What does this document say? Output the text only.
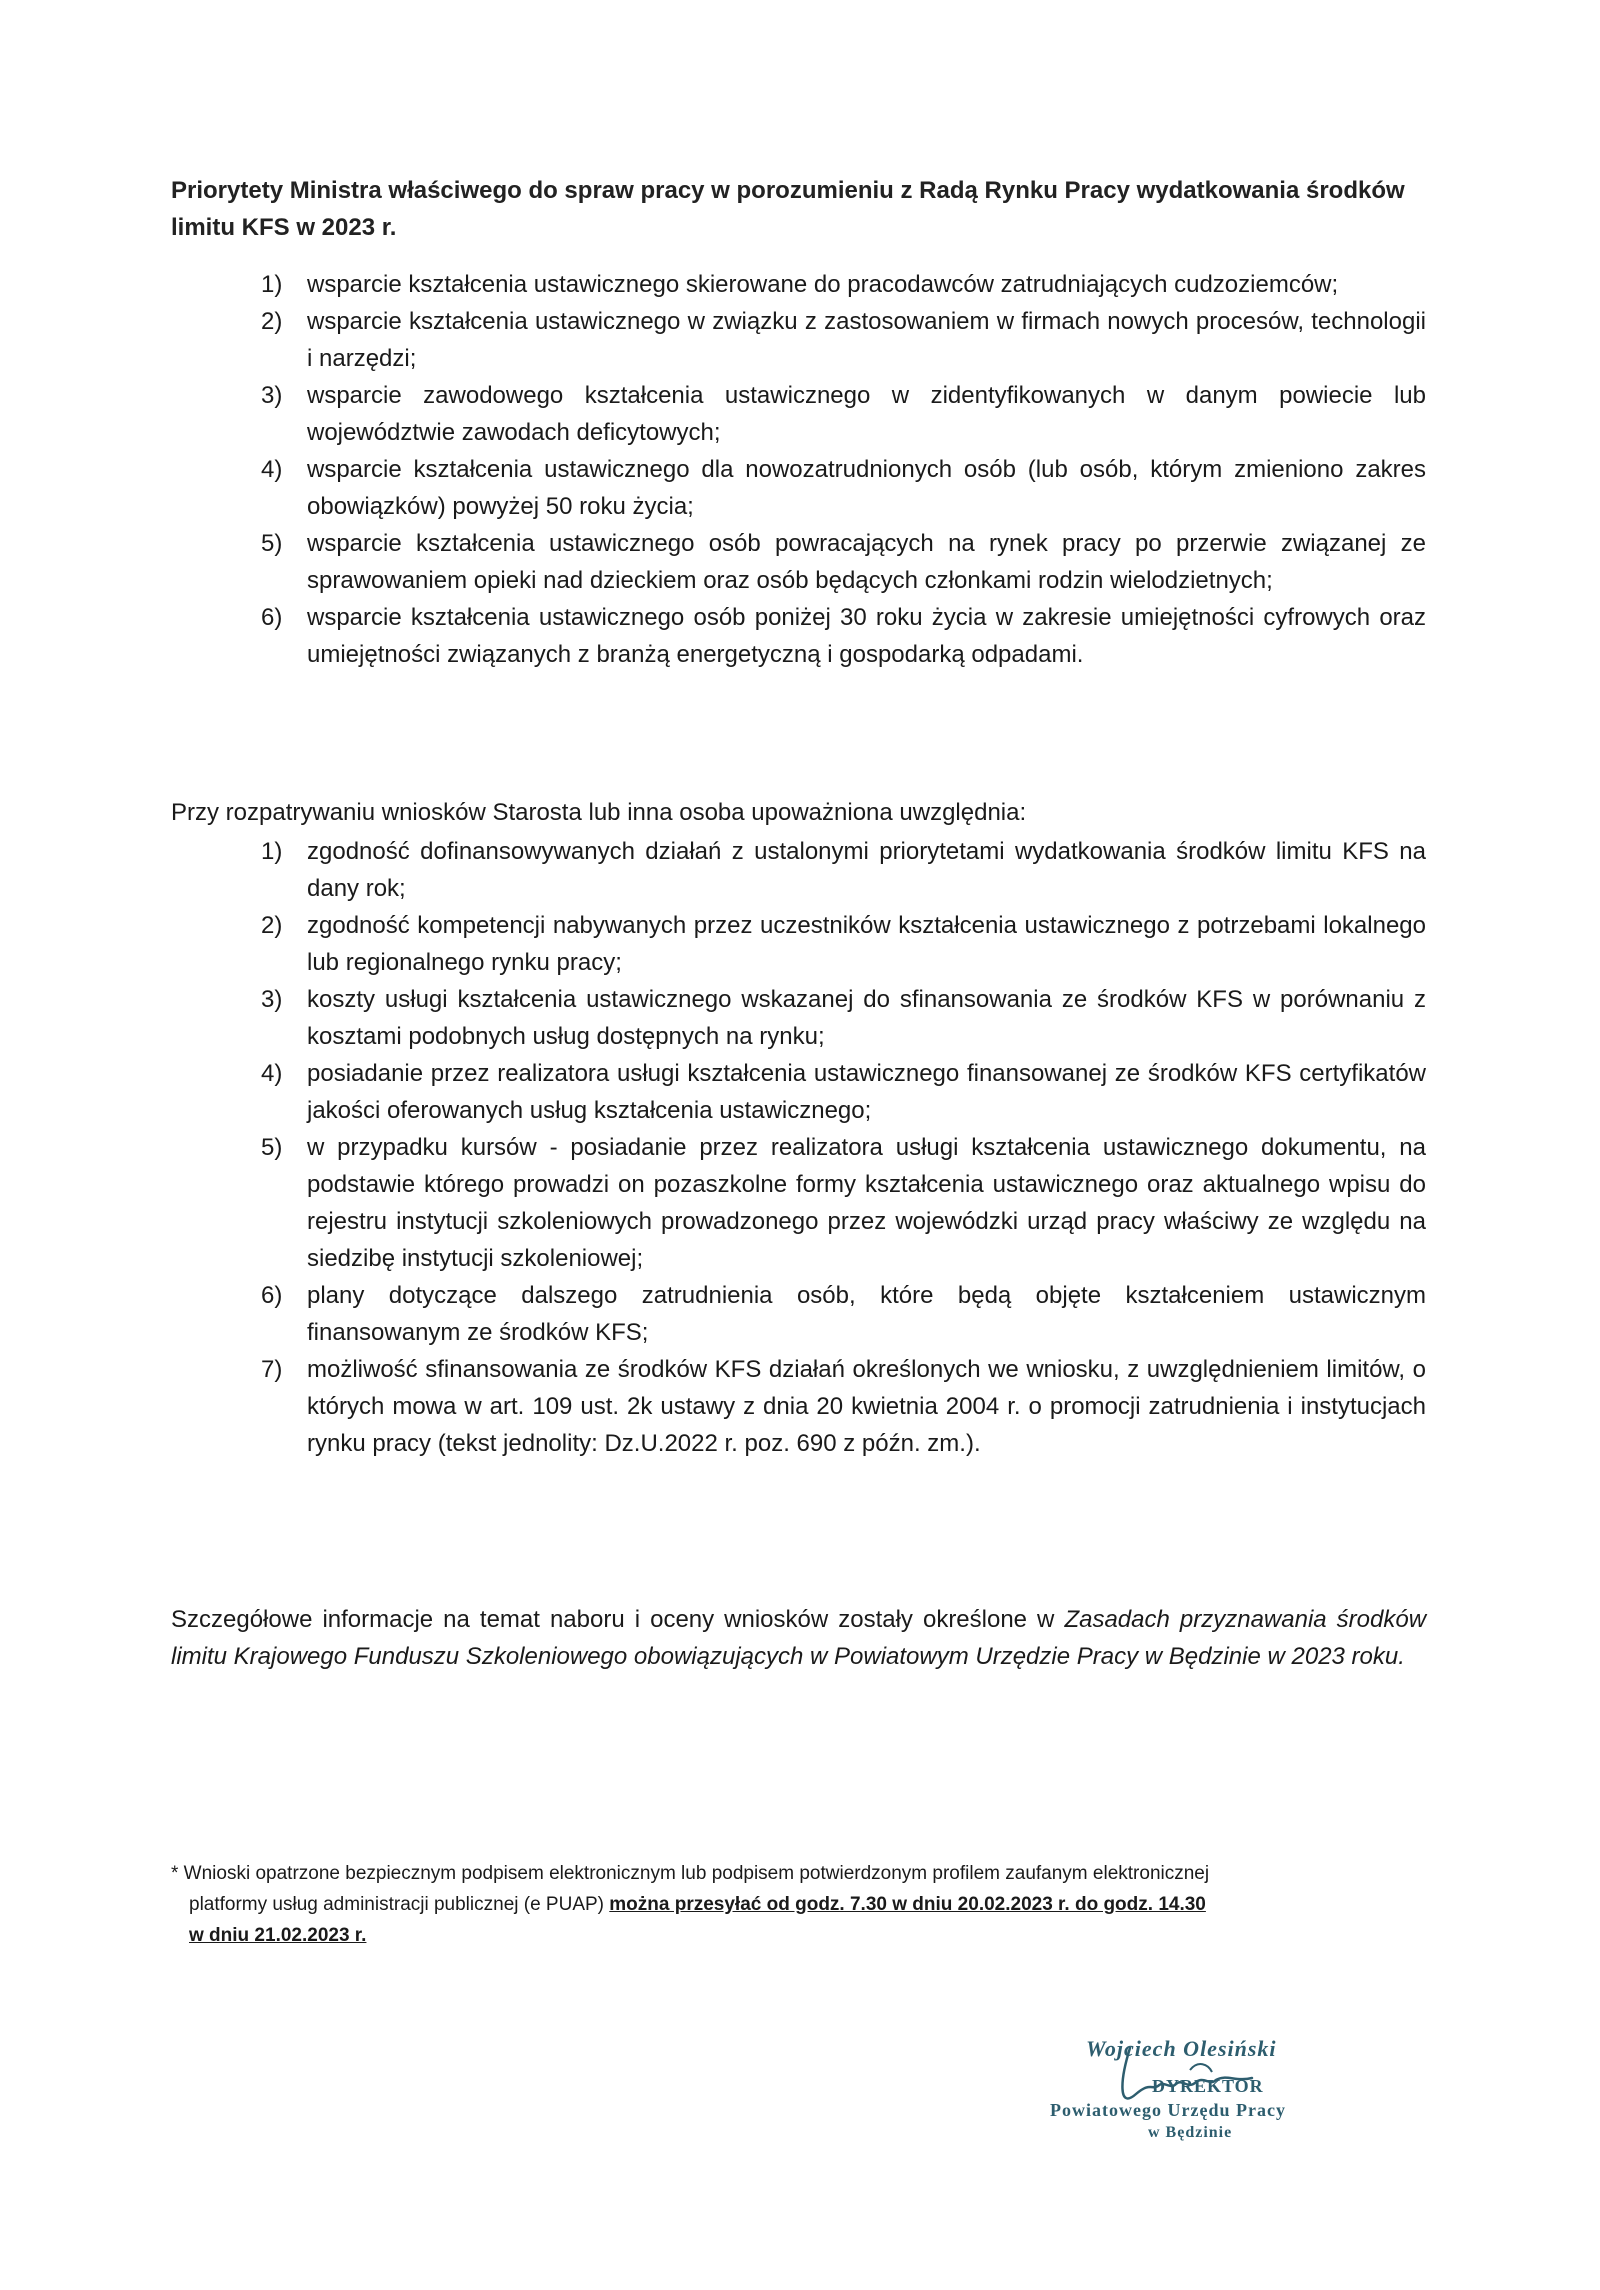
Priorytety Ministra właściwego do spraw pracy w porozumieniu z Radą Rynku Pracy wydatkowania środków limitu KFS w 2023 r.
1) wsparcie kształcenia ustawicznego skierowane do pracodawców zatrudniających cudzoziemców;
2) wsparcie kształcenia ustawicznego w związku z zastosowaniem w firmach nowych procesów, technologii i narzędzi;
3) wsparcie zawodowego kształcenia ustawicznego w zidentyfikowanych w danym powiecie lub województwie zawodach deficytowych;
4) wsparcie kształcenia ustawicznego dla nowozatrudnionych osób (lub osób, którym zmieniono zakres obowiązków) powyżej 50 roku życia;
5) wsparcie kształcenia ustawicznego osób powracających na rynek pracy po przerwie związanej ze sprawowaniem opieki nad dzieckiem oraz osób będących członkami rodzin wielodzietnych;
6) wsparcie kształcenia ustawicznego osób poniżej 30 roku życia w zakresie umiejętności cyfrowych oraz umiejętności związanych z branżą energetyczną i gospodarką odpadami.
Przy rozpatrywaniu wniosków Starosta lub inna osoba upoważniona uwzględnia:
1) zgodność dofinansowywanych działań z ustalonymi priorytetami wydatkowania środków limitu KFS na dany rok;
2) zgodność kompetencji nabywanych przez uczestników kształcenia ustawicznego z potrzebami lokalnego lub regionalnego rynku pracy;
3) koszty usługi kształcenia ustawicznego wskazanej do sfinansowania ze środków KFS w porównaniu z kosztami podobnych usług dostępnych na rynku;
4) posiadanie przez realizatora usługi kształcenia ustawicznego finansowanej ze środków KFS certyfikatów jakości oferowanych usług kształcenia ustawicznego;
5) w przypadku kursów - posiadanie przez realizatora usługi kształcenia ustawicznego dokumentu, na podstawie którego prowadzi on pozaszkolne formy kształcenia ustawicznego oraz aktualnego wpisu do rejestru instytucji szkoleniowych prowadzonego przez wojewódzki urząd pracy właściwy ze względu na siedzibę instytucji szkoleniowej;
6) plany dotyczące dalszego zatrudnienia osób, które będą objęte kształceniem ustawicznym finansowanym ze środków KFS;
7) możliwość sfinansowania ze środków KFS działań określonych we wniosku, z uwzględnieniem limitów, o których mowa w art. 109 ust. 2k ustawy z dnia 20 kwietnia 2004 r. o promocji zatrudnienia i instytucjach rynku pracy (tekst jednolity: Dz.U.2022 r. poz. 690 z późn. zm.).
Szczegółowe informacje na temat naboru i oceny wniosków zostały określone w Zasadach przyznawania środków limitu Krajowego Funduszu Szkoleniowego obowiązujących w Powiatowym Urzędzie Pracy w Będzinie w 2023 roku.
* Wnioski opatrzone bezpiecznym podpisem elektronicznym lub podpisem potwierdzonym profilem zaufanym elektronicznej
platformy usług administracji publicznej (e PUAP) można przesyłać od godz. 7.30 w dniu 20.02.2023 r. do godz. 14.30
w dniu 21.02.2023 r.
Wojciech Olesiński
DYREKTOR
Powiatowego Urzędu Pracy
w Będzinie
